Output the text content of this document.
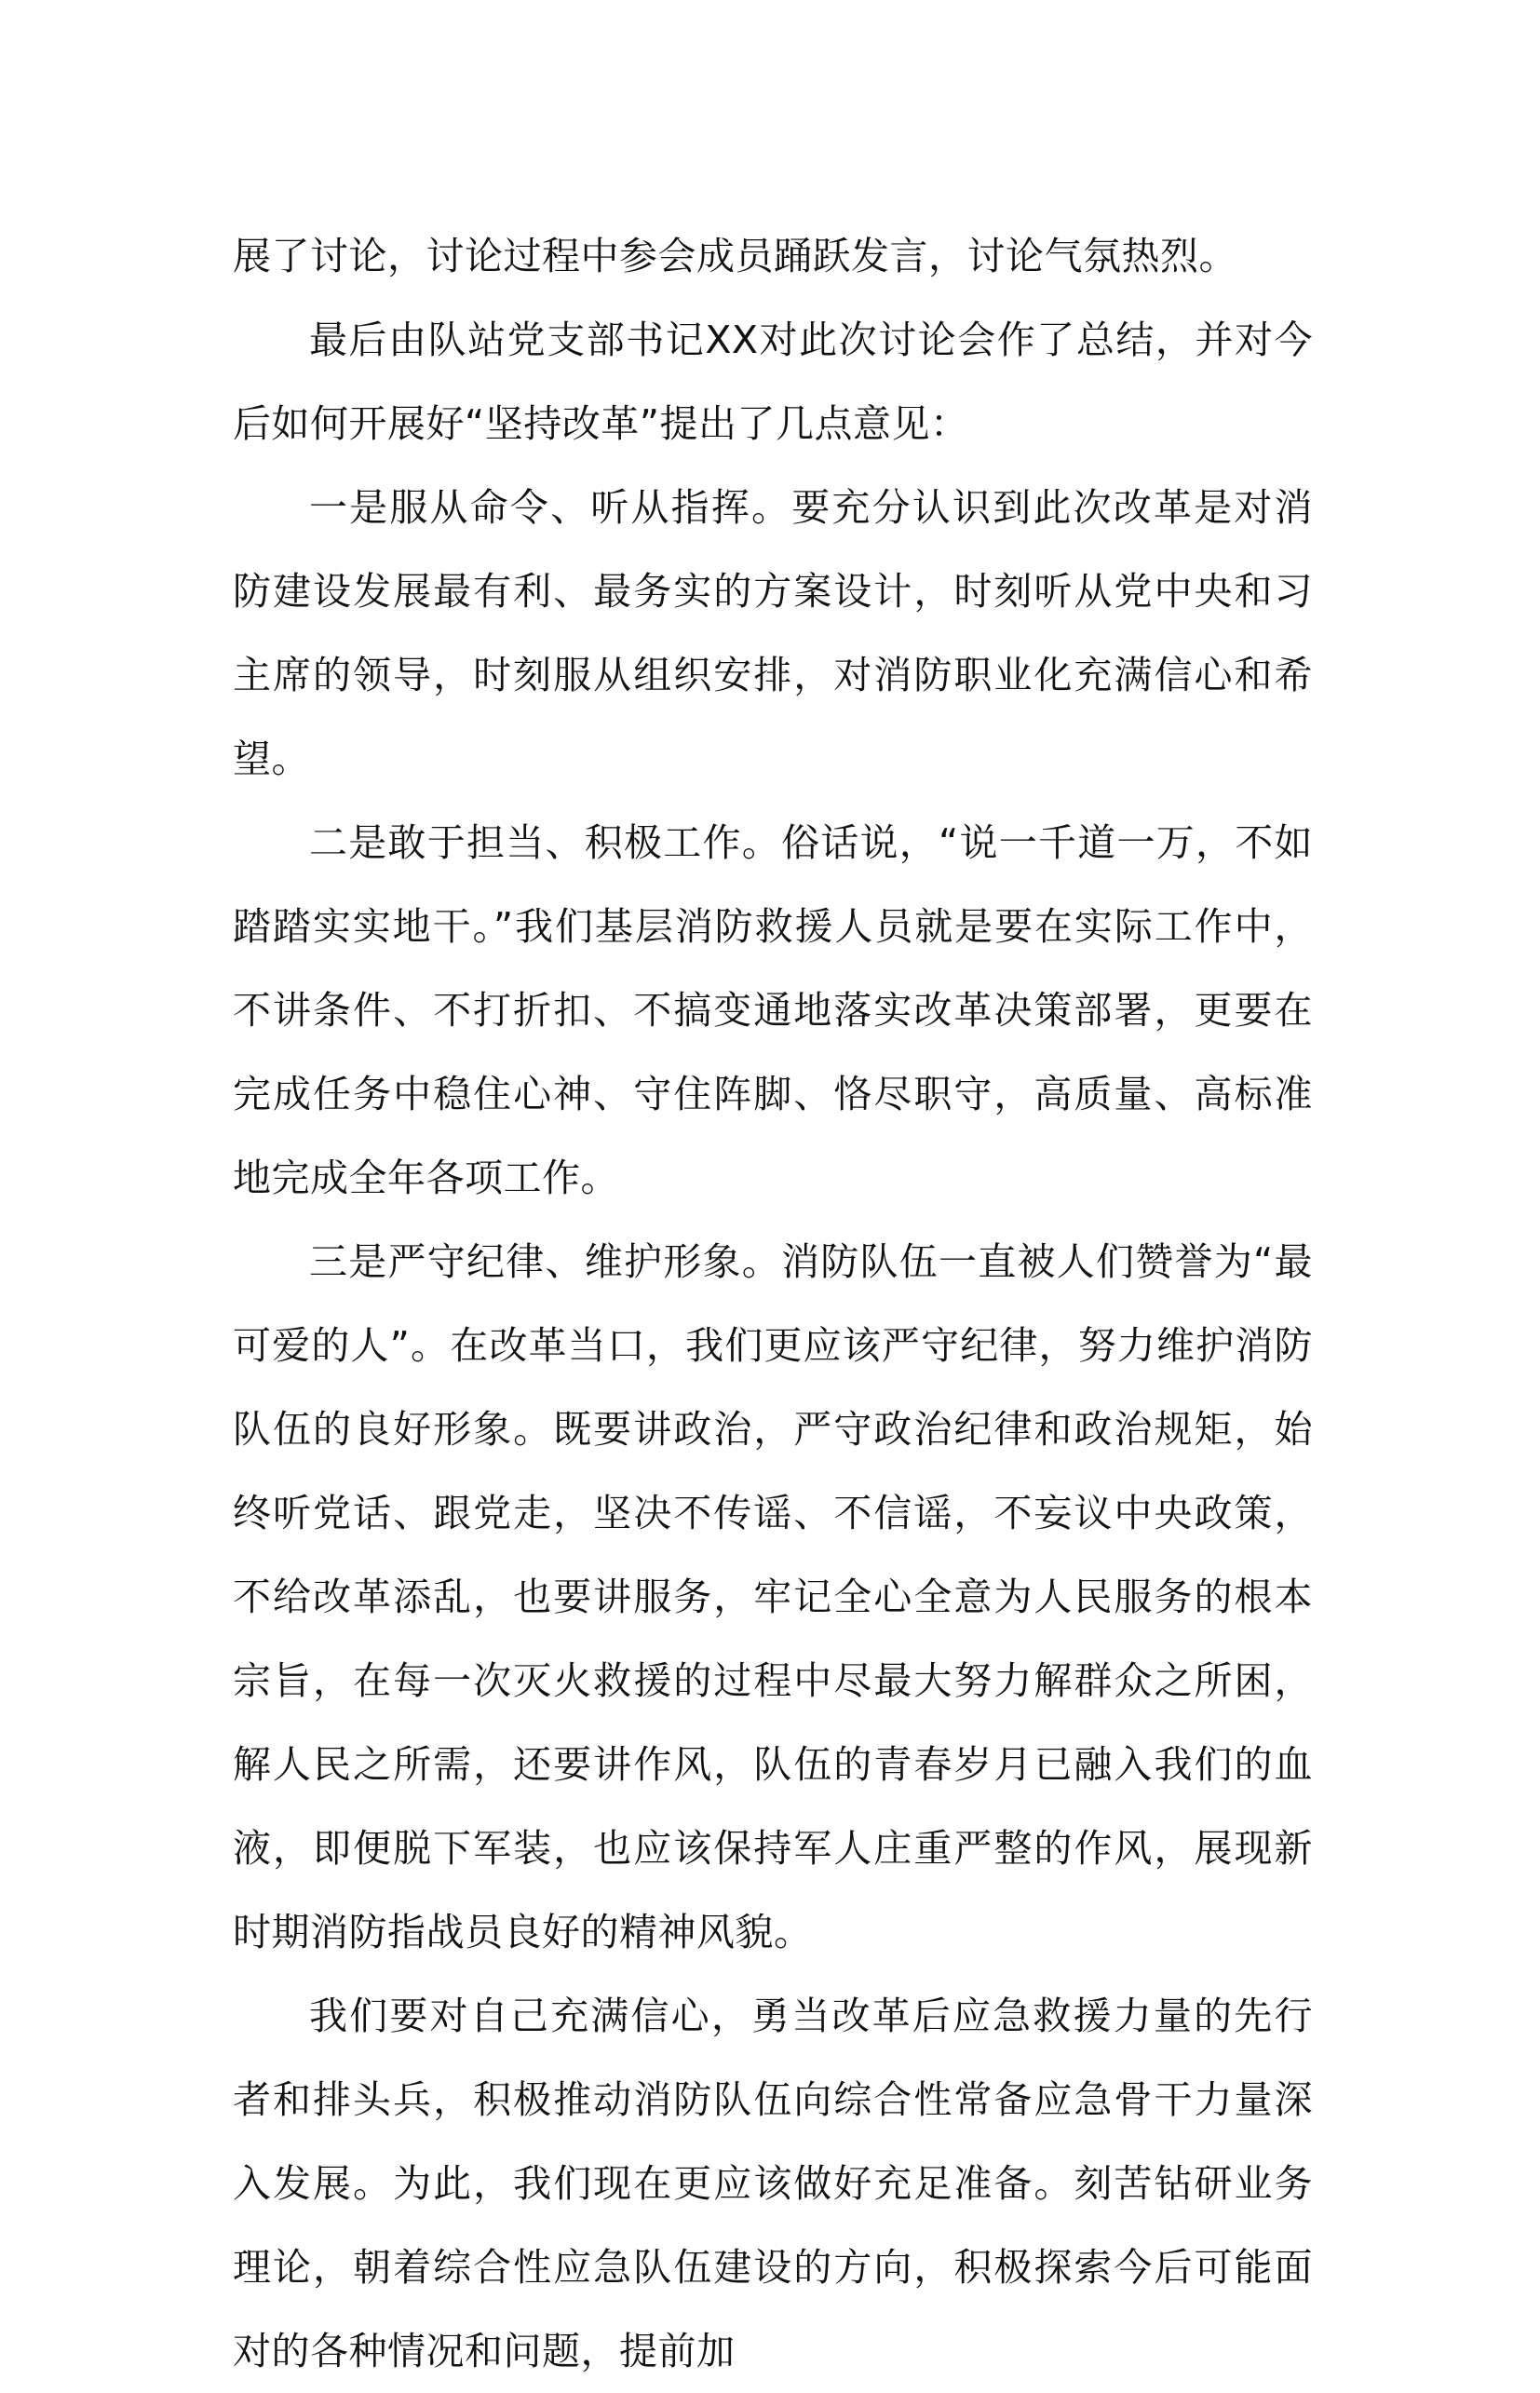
展了讨论，讨论过程中参会成员踊跃发言，讨论气氛热烈。

最后由队站党支部书记XX对此次讨论会作了总结，并对今后如何开展好“坚持改革”提出了几点意见：

一是服从命令、听从指挥。要充分认识到此次改革是对消防建设发展最有利、最务实的方案设计，时刻听从党中央和习主席的领导，时刻服从组织安排，对消防职业化充满信心和希望。

二是敢于担当、积极工作。俗话说，“说一千道一万，不如踏踏实实地干。”我们基层消防救援人员就是要在实际工作中，不讲条件、不打折扣、不搞变通地落实改革决策部署，更要在完成任务中稳住心神、守住阵脚、恪尽职守，高质量、高标准地完成全年各项工作。

三是严守纪律、维护形象。消防队伍一直被人们赞誉为“最可爱的人”。在改革当口，我们更应该严守纪律，努力维护消防队伍的良好形象。既要讲政治，严守政治纪律和政治规矩，始终听党话、跟党走，坚决不传谣、不信谣，不妄议中央政策，不给改革添乱，也要讲服务，牢记全心全意为人民服务的根本宗旨，在每一次灭火救援的过程中尽最大努力解群众之所困，解人民之所需，还要讲作风，队伍的青春岁月已融入我们的血液，即便脱下军装，也应该保持军人庄重严整的作风，展现新时期消防指战员良好的精神风貌。

我们要对自己充满信心，勇当改革后应急救援力量的先行者和排头兵，积极推动消防队伍向综合性常备应急骨干力量深入发展。为此，我们现在更应该做好充足准备。刻苦钻研业务理论，朝着综合性应急队伍建设的方向，积极探索今后可能面对的各种情况和问题，提前加
